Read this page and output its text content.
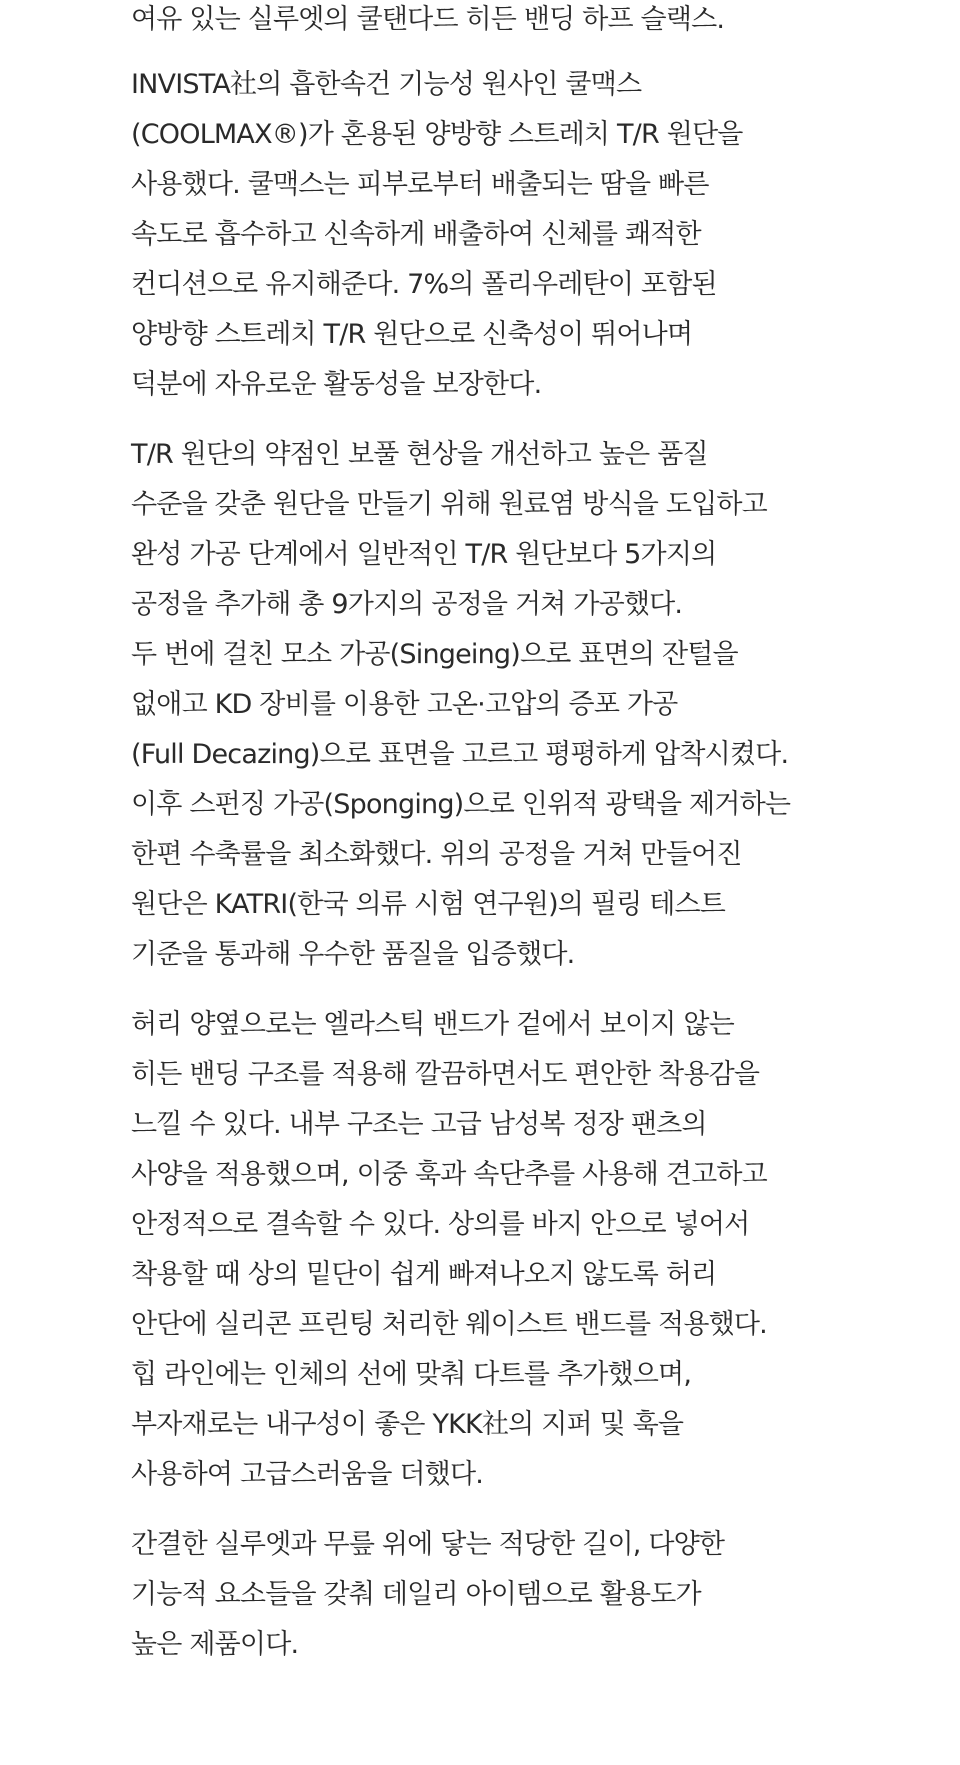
여유 있는 실루엣의 쿨탠다드 히든 밴딩 하프 슬랙스.

INVISTA社의 흡한속건 기능성 원사인 쿨맥스
(COOLMAX®)가 혼용된 양방향 스트레치 T/R 원단을
사용했다. 쿨맥스는 피부로부터 배출되는 땀을 빠른
속도로 흡수하고 신속하게 배출하여 신체를 쾌적한
컨디션으로 유지해준다. 7%의 폴리우레탄이 포함된
양방향 스트레치 T/R 원단으로 신축성이 뛰어나며
덕분에 자유로운 활동성을 보장한다.

T/R 원단의 약점인 보풀 현상을 개선하고 높은 품질
수준을 갖춘 원단을 만들기 위해 원료염 방식을 도입하고
완성 가공 단계에서 일반적인 T/R 원단보다 5가지의
공정을 추가해 총 9가지의 공정을 거쳐 가공했다.
두 번에 걸친 모소 가공(Singeing)으로 표면의 잔털을
없애고 KD 장비를 이용한 고온·고압의 증포 가공
(Full Decazing)으로 표면을 고르고 평평하게 압착시켰다.
이후 스펀징 가공(Sponging)으로 인위적 광택을 제거하는
한편 수축률을 최소화했다. 위의 공정을 거쳐 만들어진
원단은 KATRI(한국 의류 시험 연구원)의 필링 테스트
기준을 통과해 우수한 품질을 입증했다.

허리 양옆으로는 엘라스틱 밴드가 겉에서 보이지 않는
히든 밴딩 구조를 적용해 깔끔하면서도 편안한 착용감을
느낄 수 있다. 내부 구조는 고급 남성복 정장 팬츠의
사양을 적용했으며, 이중 훅과 속단추를 사용해 견고하고
안정적으로 결속할 수 있다. 상의를 바지 안으로 넣어서
착용할 때 상의 밑단이 쉽게 빠져나오지 않도록 허리
안단에 실리콘 프린팅 처리한 웨이스트 밴드를 적용했다.
힙 라인에는 인체의 선에 맞춰 다트를 추가했으며,
부자재로는 내구성이 좋은 YKK社의 지퍼 및 훅을
사용하여 고급스러움을 더했다.

간결한 실루엣과 무릎 위에 닿는 적당한 길이, 다양한
기능적 요소들을 갖춰 데일리 아이템으로 활용도가
높은 제품이다.
